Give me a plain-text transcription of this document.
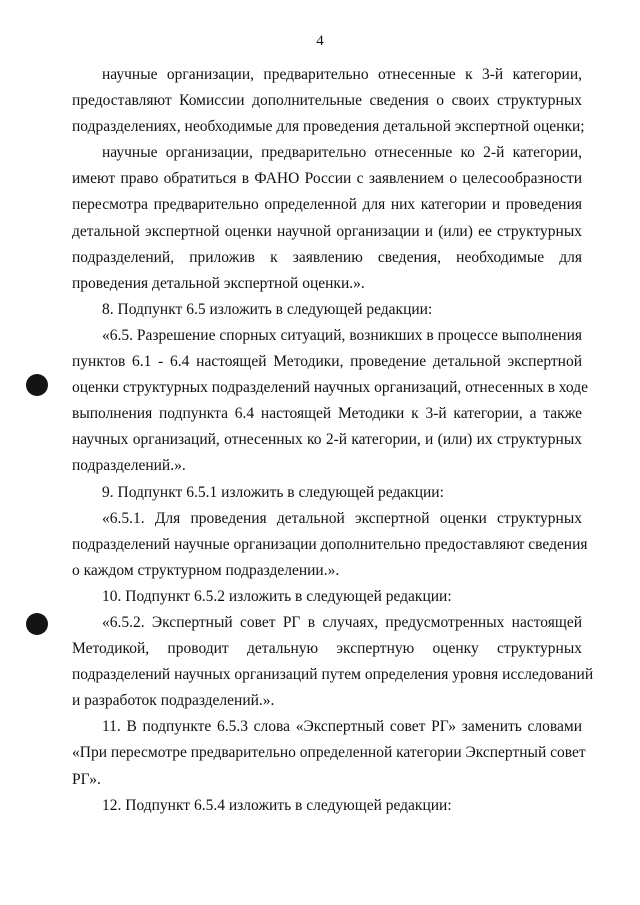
4
научные организации, предварительно отнесенные к 3-й категории,
предоставляют Комиссии дополнительные сведения о своих структурных
подразделениях, необходимые для проведения детальной экспертной оценки;
научные организации, предварительно отнесенные ко 2-й категории,
имеют право обратиться в ФАНО России с заявлением о целесообразности
пересмотра предварительно определенной для них категории и проведения
детальной экспертной оценки научной организации и (или) ее структурных
подразделений, приложив к заявлению сведения, необходимые для
проведения детальной экспертной оценки.».
8. Подпункт 6.5 изложить в следующей редакции:
«6.5. Разрешение спорных ситуаций, возникших в процессе выполнения
пунктов 6.1 - 6.4 настоящей Методики, проведение детальной экспертной
оценки структурных подразделений научных организаций, отнесенных в ходе
выполнения подпункта 6.4 настоящей Методики к 3-й категории, а также
научных организаций, отнесенных ко 2-й категории, и (или) их структурных
подразделений.».
9. Подпункт 6.5.1 изложить в следующей редакции:
«6.5.1. Для проведения детальной экспертной оценки структурных
подразделений научные организации дополнительно предоставляют сведения
о каждом структурном подразделении.».
10. Подпункт 6.5.2 изложить в следующей редакции:
«6.5.2. Экспертный совет РГ в случаях, предусмотренных настоящей
Методикой, проводит детальную экспертную оценку структурных
подразделений научных организаций путем определения уровня исследований
и разработок подразделений.».
11. В подпункте 6.5.3 слова «Экспертный совет РГ» заменить словами
«При пересмотре предварительно определенной категории Экспертный совет
РГ».
12. Подпункт 6.5.4 изложить в следующей редакции:
